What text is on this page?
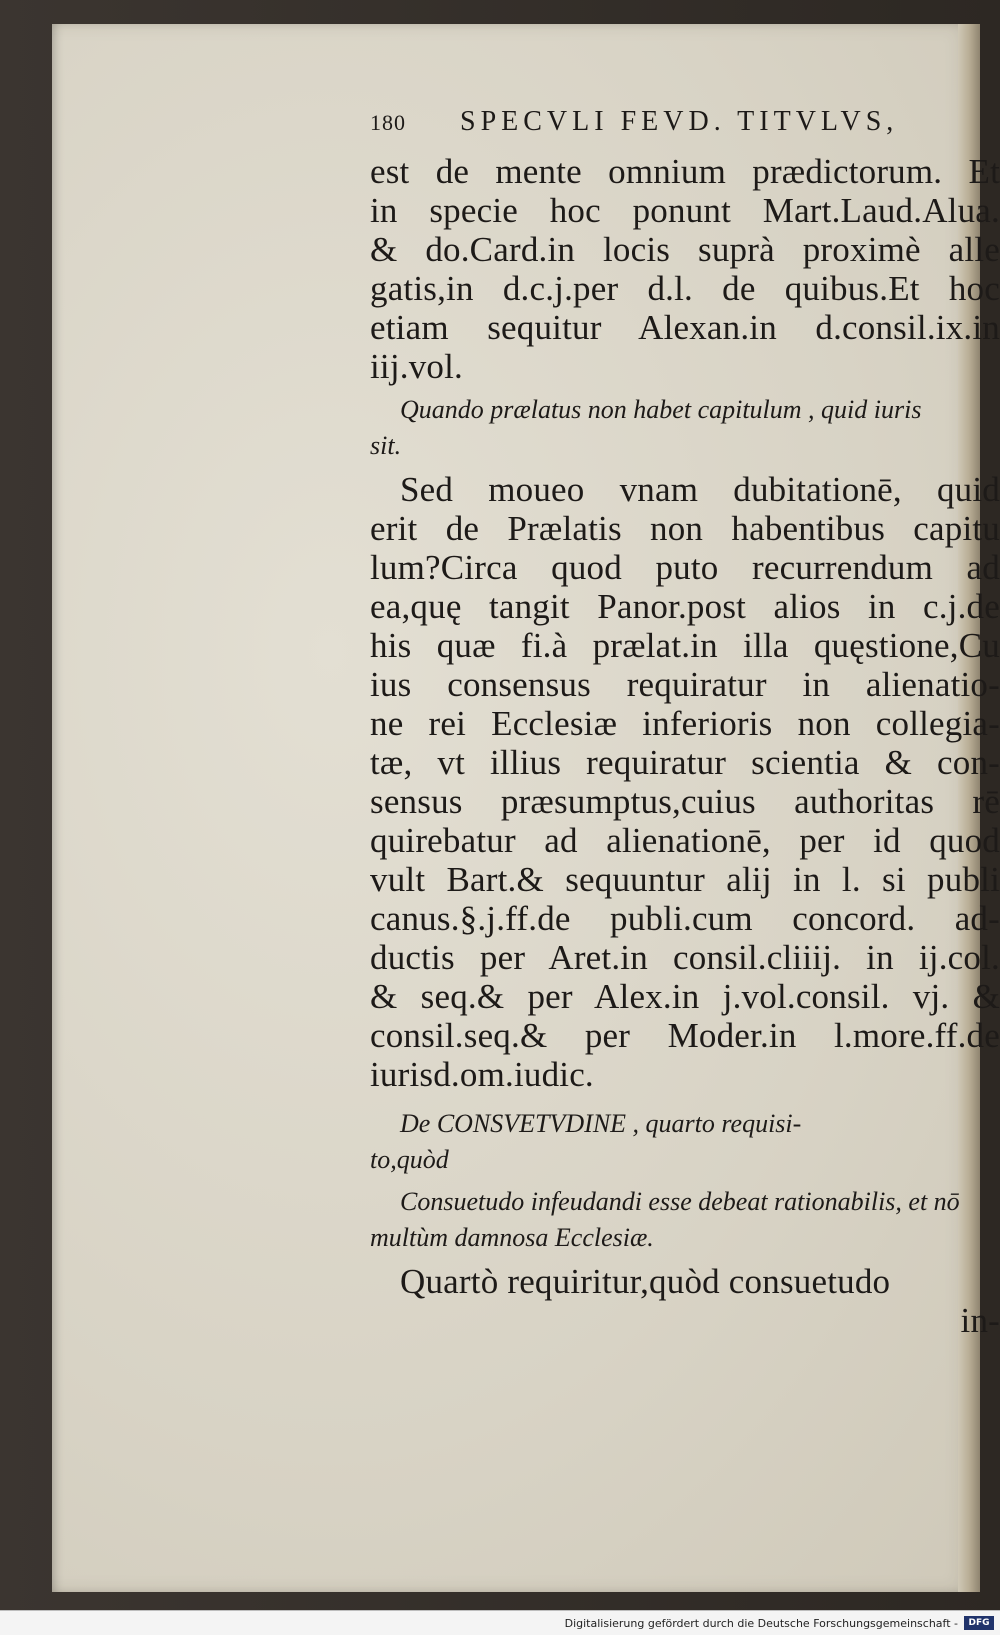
180	SPECVLI FEVD. TITVLVS,
est de mente omnium prædictorum. Et
in specie hoc ponunt Mart.Laud.Alua.
& do.Card.in locis suprà proximè alle
gatis,in d.c.j.per d.l. de quibus.Et hoc
etiam sequitur Alexan.in d.consil.ix.in
iij.vol.
Quando prælatus non habet capitulum , quid iuris
sit.
Sed moueo vnam dubitationē, quid
erit de Prælatis non habentibus capitu
lum?Circa quod puto recurrendum ad
ea,quę tangit Panor.post alios in c.j.de
his quæ fi.à prælat.in illa quęstione,Cu
ius consensus requiratur in alienatio-
ne rei Ecclesiæ inferioris non collegia-
tæ, vt illius requiratur scientia & con-
sensus præsumptus,cuius authoritas rē
quirebatur ad alienationē, per id quod
vult Bart.& sequuntur alij in l. si publi
canus.§.j.ff.de publi.cum concord. ad-
ductis per Aret.in consil.cliiij. in ij.col.
& seq.& per Alex.in j.vol.consil. vj. &
consil.seq.& per Moder.in l.more.ff.de
iurisd.om.iudic.
De CONSVETVDINE , quarto requisi-
to,quòd
Consuetudo infeudandi esse debeat rationabilis, et nō
multùm damnosa Ecclesiæ.
Quartò requiritur,quòd consuetudo
in-
Digitalisierung gefördert durch die Deutsche Forschungsgemeinschaft -	DFG
